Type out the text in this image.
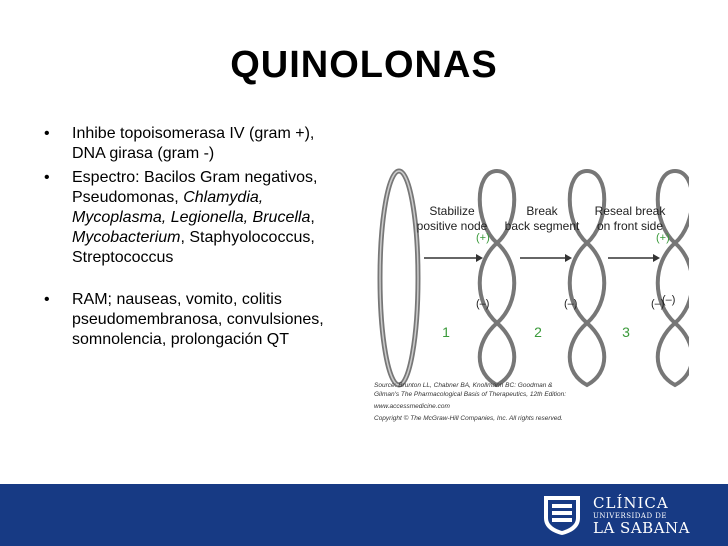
QUINOLONAS
• Inhibe topoisomerasa IV (gram +),
DNA girasa (gram -)
• Espectro: Bacilos Gram negativos, Pseudomonas, Chlamydia, Mycoplasma, Legionella, Brucella, Mycobacterium, Staphyolococcus, Streptococcus
• RAM; nauseas, vomito, colitis
pseudomembranosa, convulsiones,
somnolencia, prolongación QT
Stabilize
positive node
Break
back segment
Reseal break
on front side
(+)
(–)	(–)	(–)
(+)
(–)
1	2	3
Source: Brunton LL, Chabner BA, Knollmann BC: Goodman &
Gilman's The Pharmacological Basis of Therapeutics, 12th Edition:
www.accessmedicine.com
Copyright © The McGraw-Hill Companies, Inc. All rights reserved.
CLÍNICA
UNIVERSIDAD DE
LA SABANA
